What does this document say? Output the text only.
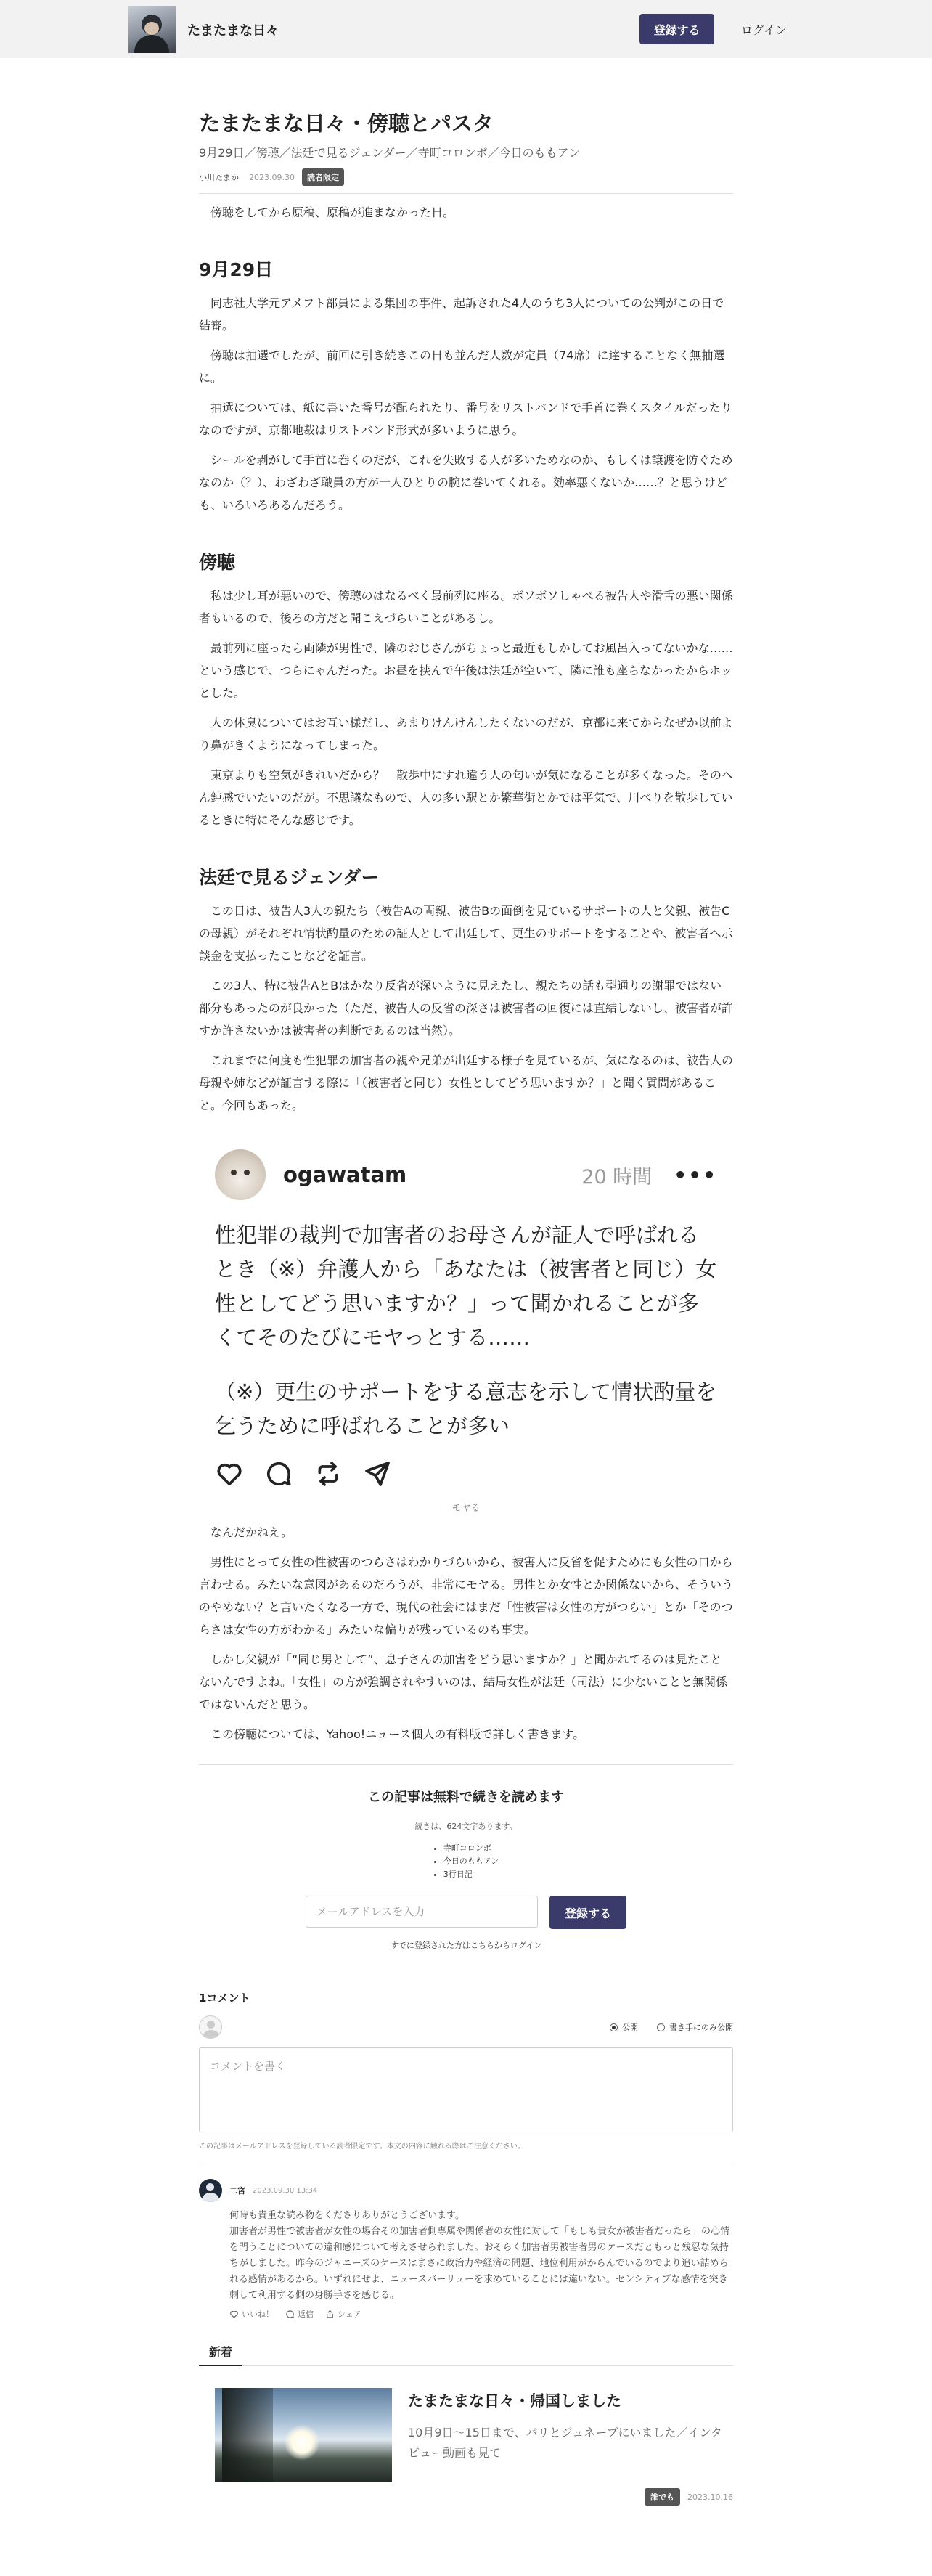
たまたまな日々	登録する	ログイン
たまたまな日々・傍聴とパスタ
9月29日／傍聴／法廷で見るジェンダー／寺町コロンボ／今日のももアン
小川たまか 2023.09.30	読者限定

傍聴をしてから原稿、原稿が進まなかった日。

9月29日

同志社大学元アメフト部員による集団の事件、起訴された4人のうち3人についての公判がこの日で結審。

傍聴は抽選でしたが、前回に引き続きこの日も並んだ人数が定員（74席）に達することなく無抽選に。

抽選については、紙に書いた番号が配られたり、番号をリストバンドで手首に巻くスタイルだったりなのですが、京都地裁はリストバンド形式が多いように思う。

シールを剥がして手首に巻くのだが、これを失敗する人が多いためなのか、もしくは譲渡を防ぐためなのか（？）、わざわざ職員の方が一人ひとりの腕に巻いてくれる。効率悪くないか……？と思うけども、いろいろあるんだろう。

傍聴

私は少し耳が悪いので、傍聴のはなるべく最前列に座る。ボソボソしゃべる被告人や滑舌の悪い関係者もいるので、後ろの方だと聞こえづらいことがあるし。

最前列に座ったら両隣が男性で、隣のおじさんがちょっと最近もしかしてお風呂入ってないかな……という感じで、つらにゃんだった。お昼を挟んで午後は法廷が空いて、隣に誰も座らなかったからホッとした。

人の体臭についてはお互い様だし、あまりけんけんしたくないのだが、京都に来てからなぜか以前より鼻がきくようになってしまった。

東京よりも空気がきれいだから？　散歩中にすれ違う人の匂いが気になることが多くなった。そのへん鈍感でいたいのだが。不思議なもので、人の多い駅とか繁華街とかでは平気で、川べりを散歩しているときに特にそんな感じです。

法廷で見るジェンダー

この日は、被告人3人の親たち（被告Aの両親、被告Bの面倒を見ているサポートの人と父親、被告Cの母親）がそれぞれ情状酌量のための証人として出廷して、更生のサポートをすることや、被害者へ示談金を支払ったことなどを証言。

この3人、特に被告AとBはかなり反省が深いように見えたし、親たちの話も型通りの謝罪ではない部分もあったのが良かった（ただ、被告人の反省の深さは被害者の回復には直結しないし、被害者が許すか許さないかは被害者の判断であるのは当然）。

これまでに何度も性犯罪の加害者の親や兄弟が出廷する様子を見ているが、気になるのは、被告人の母親や姉などが証言する際に「（被害者と同じ）女性としてどう思いますか？」と聞く質問があること。今回もあった。

ogawatam	20 時間 •••
性犯罪の裁判で加害者のお母さんが証人で呼ばれるとき（※）弁護人から「あなたは（被害者と同じ）女性としてどう思いますか？」って聞かれることが多くてそのたびにモヤっとする……
（※）更生のサポートをする意志を示して情状酌量を乞うために呼ばれることが多い
モヤる

なんだかねえ。

男性にとって女性の性被害のつらさはわかりづらいから、被害人に反省を促すためにも女性の口から言わせる。みたいな意図があるのだろうが、非常にモヤる。男性とか女性とか関係ないから、そういうのやめない？と言いたくなる一方で、現代の社会にはまだ「性被害は女性の方がつらい」とか「そのつらさは女性の方がわかる」みたいな偏りが残っているのも事実。

しかし父親が「“同じ男として”、息子さんの加害をどう思いますか？」と聞かれてるのは見たことないんですよね。「女性」の方が強調されやすいのは、結局女性が法廷（司法）に少ないことと無関係ではないんだと思う。

この傍聴については、Yahoo!ニュース個人の有料版で詳しく書きます。

この記事は無料で続きを読めます
続きは、624文字あります。
• 寺町コロンボ
• 今日のももアン
• 3行日記
メールアドレスを入力
登録する
すでに登録された方はこちらからログイン
1コメント
公開	書き手にのみ公開
コメントを書く
この記事はメールアドレスを登録している読者限定です。本文の内容に触れる際はご注意ください。
二宮 2023.09.30 13:34
何時も貴重な読み物をくださりありがとうございます。
加害者が男性で被害者が女性の場合その加害者側専属や関係者の女性に対して「もしも貴女が被害者だったら」の心情を問うことについての違和感について考えさせられました。おそらく加害者男被害者男のケースだともっと残忍な気持ちがしました。昨今のジャニーズのケースはまさに政治力や経済の問題、地位利用がからんでいるのでより追い詰められる感情があるから。いずれにせよ、ニュースバーリューを求めていることには違いない。センシティブな感情を突き刺して利用する側の身勝手さを感じる。
いいね！	返信	シェア
新着
たまたまな日々・帰国しました
10月9日〜15日まで、パリとジュネーブにいました／インタビュー動画も見て
誰でも	2023.10.16
